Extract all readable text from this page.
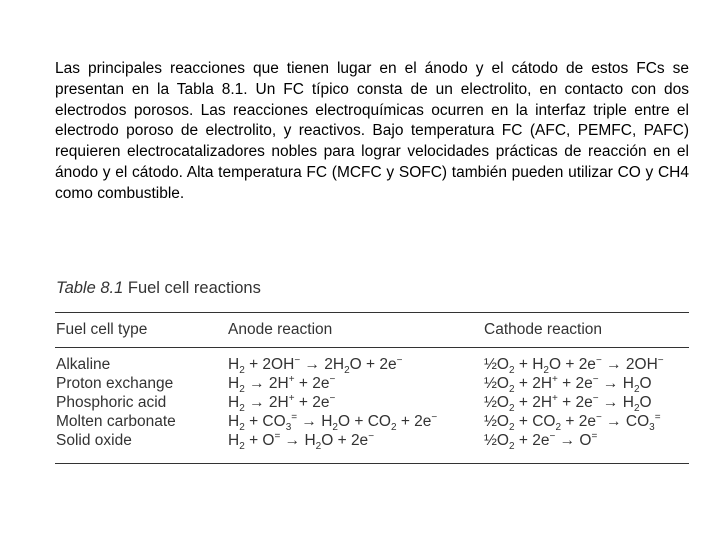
Las principales reacciones que tienen lugar en el ánodo y el cátodo de estos FCs se presentan en la Tabla 8.1. Un FC típico consta de un electrolito, en contacto con dos electrodos porosos. Las reacciones electroquímicas ocurren en la interfaz triple entre el electrodo poroso de electrolito, y reactivos. Bajo temperatura FC (AFC, PEMFC, PAFC) requieren electrocatalizadores nobles para lograr velocidades prácticas de reacción en el ánodo y el cátodo. Alta temperatura FC (MCFC y SOFC) también pueden utilizar CO y CH4 como combustible.

Table 8.1 Fuel cell reactions
Fuel cell type	Anode reaction	Cathode reaction

Alkaline	$H_2 + 2OH^- \to 2H_2O + 2e^-$	$\frac{1}{2}O_2 + H_2O + 2e^- \to 2OH^-$
Proton exchange	$H_2 \to 2H^+ + 2e^-$	$\frac{1}{2}O_2 + 2H^+ + 2e^- \to H_2O$
Phosphoric acid	$H_2 \to 2H^+ + 2e^-$	$\frac{1}{2}O_2 + 2H^+ + 2e^- \to H_2O$
Molten carbonate	$H_2 + CO_3^= \to H_2O + CO_2 + 2e^-$	$\frac{1}{2}O_2 + CO_2 + 2e^- \to CO_3^=$
Solid oxide	$H_2 + O^= \to H_2O + 2e^-$	$\frac{1}{2}O_2 + 2e^- \to O^=$
